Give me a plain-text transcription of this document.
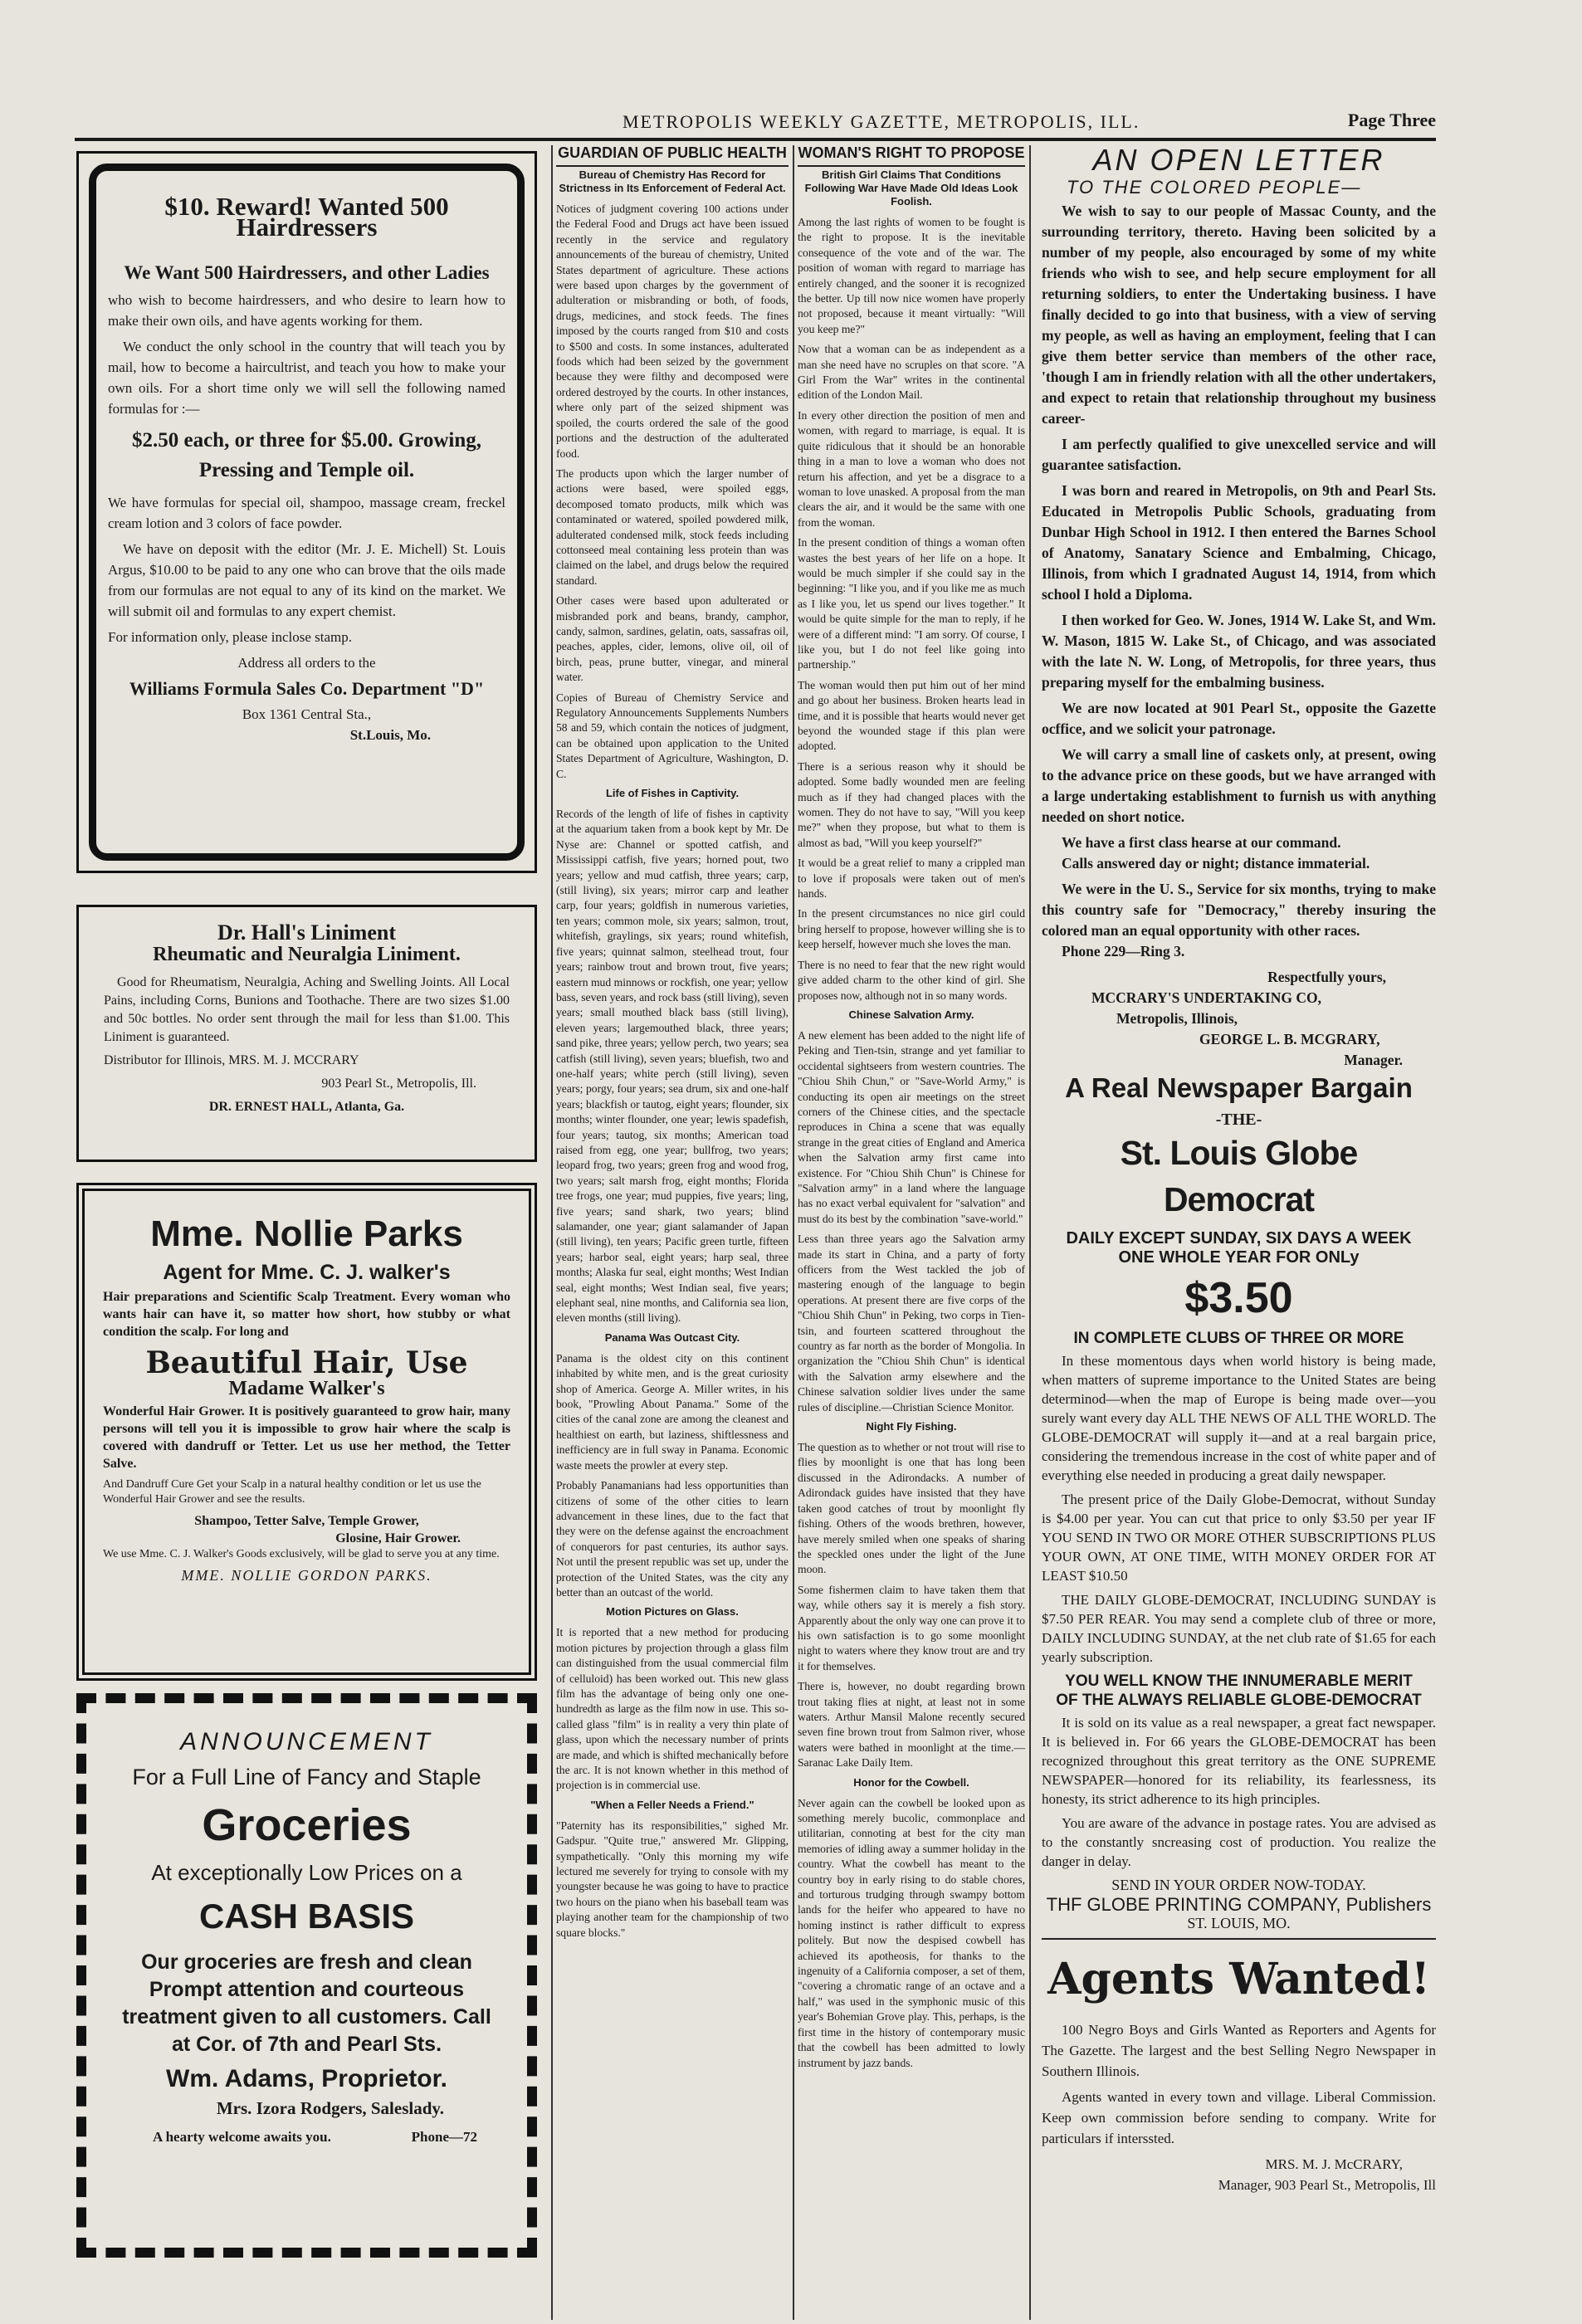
METROPOLIS WEEKLY GAZETTE, METROPOLIS, ILL.	Page Three
$10. Reward! Wanted 500 Hairdressers
We Want 500 Hairdressers, and other Ladies

who wish to become hairdressers, and who desire to learn how to make their own oils, and have agents working for them.

We conduct the only school in the country that will teach you by mail, how to become a haircultrist, and teach you how to make your own oils. For a short time only we will sell the following named formulas for :—

$2.50 each, or three for $5.00. Growing, Pressing and Temple oil.

We have formulas for special oil, shampoo, massage cream, freckel cream lotion and 3 colors of face powder.

We have on deposit with the editor (Mr. J. E. Michell) St. Louis Argus, $10.00 to be paid to any one who can brove that the oils made from our formulas are not equal to any of its kind on the market. We will submit oil and formulas to any expert chemist.

For information only, please inclose stamp.

Address all orders to the

Williams Formula Sales Co. Department "D"
Box 1361 Central Sta.,
St.Louis, Mo.
Dr. Hall's Liniment
Rheumatic and Neuralgia Liniment.

Good for Rheumatism, Neuralgia, Aching and Swelling Joints. All Local Pains, including Corns, Bunions and Toothache. There are two sizes $1.00 and 50c bottles. No order sent through the mail for less than $1.00. This Liniment is guaranteed.

Distributor for Illinois, MRS. M. J. MCCRARY

903 Pearl St., Metropolis, Ill.

DR. ERNEST HALL, Atlanta, Ga.

Mme. Nollie Parks
Agent for Mme. C. J. walker's

Hair preparations and Scientific Scalp Treatment. Every woman who wants hair can have it, so matter how short, how stubby or what condition the scalp. For long and

Beautiful Hair, Use
Madame Walker's

Wonderful Hair Grower. It is positively guaranteed to grow hair, many persons will tell you it is impossible to grow hair where the scalp is covered with dandruff or Tetter. Let us use her method, the Tetter Salve.

And Dandruff Cure Get your Scalp in a natural healthy condition or let us use the Wonderful Hair Grower and see the results.

Shampoo, Tetter Salve, Temple Grower,
Glosine, Hair Grower.

We use Mme. C. J. Walker's Goods exclusively, will be glad to serve you at any time.

MME. NOLLIE GORDON PARKS.
ANNOUNCEMENT
For a Full Line of Fancy and Staple
Groceries
At exceptionally Low Prices on a
CASH BASIS
Our groceries are fresh and clean Prompt attention and courteous treatment given to all customers. Call at Cor. of 7th and Pearl Sts.
Wm. Adams, Proprietor.
Mrs. Izora Rodgers, Saleslady.
A hearty welcome awaits you.	Phone—72
GUARDIAN OF PUBLIC HEALTH
Bureau of Chemistry Has Record for Strictness in Its Enforcement of Federal Act.

Notices of judgment covering 100 actions under the Federal Food and Drugs act have been issued recently in the service and regulatory announcements of the bureau of chemistry, United States department of agriculture. These actions were based upon charges by the government of adulteration or misbranding or both, of foods, drugs, medicines, and stock feeds. The fines imposed by the courts ranged from $10 and costs to $500 and costs. In some instances, adulterated foods which had been seized by the government because they were filthy and decomposed were ordered destroyed by the courts. In other instances, where only part of the seized shipment was spoiled, the courts ordered the sale of the good portions and the destruction of the adulterated food.

The products upon which the larger number of actions were based, were spoiled eggs, decomposed tomato products, milk which was contaminated or watered, spoiled powdered milk, adulterated condensed milk, stock feeds including cottonseed meal containing less protein than was claimed on the label, and drugs below the required standard.

Other cases were based upon adulterated or misbranded pork and beans, brandy, camphor, candy, salmon, sardines, gelatin, oats, sassafras oil, peaches, apples, cider, lemons, olive oil, oil of birch, peas, prune butter, vinegar, and mineral water.

Copies of Bureau of Chemistry Service and Regulatory Announcements Supplements Numbers 58 and 59, which contain the notices of judgment, can be obtained upon application to the United States Department of Agriculture, Washington, D. C.

Life of Fishes in Captivity.

Records of the length of life of fishes in captivity at the aquarium taken from a book kept by Mr. De Nyse are: Channel or spotted catfish, and Mississippi catfish, five years; horned pout, two years; yellow and mud catfish, three years; carp, (still living), six years; mirror carp and leather carp, four years; goldfish in numerous varieties, ten years; common mole, six years; salmon, trout, whitefish, graylings, six years; round whitefish, five years; quinnat salmon, steelhead trout, four years; rainbow trout and brown trout, five years; eastern mud minnows or rockfish, one year; yellow bass, seven years, and rock bass (still living), seven years; small mouthed black bass (still living), eleven years; largemouthed black, three years; sand pike, three years; yellow perch, two years; sea catfish (still living), seven years; bluefish, two and one-half years; white perch (still living), seven years; porgy, four years; sea drum, six and one-half years; blackfish or tautog, eight years; flounder, six months; winter flounder, one year; lewis spadefish, four years; tautog, six months; American toad raised from egg, one year; bullfrog, two years; leopard frog, two years; green frog and wood frog, two years; salt marsh frog, eight months; Florida tree frogs, one year; mud puppies, five years; ling, five years; sand shark, two years; blind salamander, one year; giant salamander of Japan (still living), ten years; Pacific green turtle, fifteen years; harbor seal, eight years; harp seal, three months; Alaska fur seal, eight months; West Indian seal, eight months; West Indian seal, five years; elephant seal, nine months, and California sea lion, eleven months (still living).

Panama Was Outcast City.

Panama is the oldest city on this continent inhabited by white men, and is the great curiosity shop of America. George A. Miller writes, in his book, "Prowling About Panama." Some of the cities of the canal zone are among the cleanest and healthiest on earth, but laziness, shiftlessness and inefficiency are in full sway in Panama. Economic waste meets the prowler at every step.

Probably Panamanians had less opportunities than citizens of some of the other cities to learn advancement in these lines, due to the fact that they were on the defense against the encroachment of conquerors for past centuries, its author says. Not until the present republic was set up, under the protection of the United States, was the city any better than an outcast of the world.

Motion Pictures on Glass.

It is reported that a new method for producing motion pictures by projection through a glass film can distinguished from the usual commercial film of celluloid) has been worked out. This new glass film has the advantage of being only one one-hundredth as large as the film now in use. This so-called glass "film" is in reality a very thin plate of glass, upon which the necessary number of prints are made, and which is shifted mechanically before the arc. It is not known whether in this method of projection is in commercial use.

"When a Feller Needs a Friend."

"Paternity has its responsibilities," sighed Mr. Gadspur. "Quite true," answered Mr. Glipping, sympathetically. "Only this morning my wife lectured me severely for trying to console with my youngster because he was going to have to practice two hours on the piano when his baseball team was playing another team for the championship of two square blocks."

WOMAN'S RIGHT TO PROPOSE
British Girl Claims That Conditions Following War Have Made Old Ideas Look Foolish.

Among the last rights of women to be fought is the right to propose. It is the inevitable consequence of the vote and of the war. The position of woman with regard to marriage has entirely changed, and the sooner it is recognized the better. Up till now nice women have properly not proposed, because it meant virtually: "Will you keep me?"

Now that a woman can be as independent as a man she need have no scruples on that score. "A Girl From the War" writes in the continental edition of the London Mail.

In every other direction the position of men and women, with regard to marriage, is equal. It is quite ridiculous that it should be an honorable thing in a man to love a woman who does not return his affection, and yet be a disgrace to a woman to love unasked. A proposal from the man clears the air, and it would be the same with one from the woman.

In the present condition of things a woman often wastes the best years of her life on a hope. It would be much simpler if she could say in the beginning: "I like you, and if you like me as much as I like you, let us spend our lives together." It would be quite simple for the man to reply, if he were of a different mind: "I am sorry. Of course, I like you, but I do not feel like going into partnership."

The woman would then put him out of her mind and go about her business. Broken hearts lead in time, and it is possible that hearts would never get beyond the wounded stage if this plan were adopted.

There is a serious reason why it should be adopted. Some badly wounded men are feeling much as if they had changed places with the women. They do not have to say, "Will you keep me?" when they propose, but what to them is almost as bad, "Will you keep yourself?"

It would be a great relief to many a crippled man to love if proposals were taken out of men's hands.

In the present circumstances no nice girl could bring herself to propose, however willing she is to keep herself, however much she loves the man.

There is no need to fear that the new right would give added charm to the other kind of girl. She proposes now, although not in so many words.

Chinese Salvation Army.

A new element has been added to the night life of Peking and Tien-tsin, strange and yet familiar to occidental sightseers from western countries. The "Chiou Shih Chun," or "Save-World Army," is conducting its open air meetings on the street corners of the Chinese cities, and the spectacle reproduces in China a scene that was equally strange in the great cities of England and America when the Salvation army first came into existence. For "Chiou Shih Chun" is Chinese for "Salvation army" in a land where the language has no exact verbal equivalent for "salvation" and must do its best by the combination "save-world."

Less than three years ago the Salvation army made its start in China, and a party of forty officers from the West tackled the job of mastering enough of the language to begin operations. At present there are five corps of the "Chiou Shih Chun" in Peking, two corps in Tien-tsin, and fourteen scattered throughout the country as far north as the border of Mongolia. In organization the "Chiou Shih Chun" is identical with the Salvation army elsewhere and the Chinese salvation soldier lives under the same rules of discipline.—Christian Science Monitor.

Night Fly Fishing.

The question as to whether or not trout will rise to flies by moonlight is one that has long been discussed in the Adirondacks. A number of Adirondack guides have insisted that they have taken good catches of trout by moonlight fly fishing. Others of the woods brethren, however, have merely smiled when one speaks of sharing the speckled ones under the light of the June moon.

Some fishermen claim to have taken them that way, while others say it is merely a fish story. Apparently about the only way one can prove it to his own satisfaction is to go some moonlight night to waters where they know trout are and try it for themselves.

There is, however, no doubt regarding brown trout taking flies at night, at least not in some waters. Arthur Mansil Malone recently secured seven fine brown trout from Salmon river, whose waters were bathed in moonlight at the time.—Saranac Lake Daily Item.

Honor for the Cowbell.

Never again can the cowbell be looked upon as something merely bucolic, commonplace and utilitarian, connoting at best for the city man memories of idling away a summer holiday in the country. What the cowbell has meant to the country boy in early rising to do stable chores, and torturous trudging through swampy bottom lands for the heifer who appeared to have no homing instinct is rather difficult to express politely. But now the despised cowbell has achieved its apotheosis, for thanks to the ingenuity of a California composer, a set of them, "covering a chromatic range of an octave and a half," was used in the symphonic music of this year's Bohemian Grove play. This, perhaps, is the first time in the history of contemporary music that the cowbell has been admitted to lowly instrument by jazz bands.

AN OPEN LETTER
TO THE COLORED PEOPLE—

We wish to say to our people of Massac County, and the surrounding territory, thereto. Having been solicited by a number of my people, also encouraged by some of my white friends who wish to see, and help secure employment for all returning soldiers, to enter the Undertaking business. I have finally decided to go into that business, with a view of serving my people, as well as having an employment, feeling that I can give them better service than members of the other race, 'though I am in friendly relation with all the other undertakers, and expect to retain that relationship throughout my business career-

I am perfectly qualified to give unexcelled service and will guarantee satisfaction.

I was born and reared in Metropolis, on 9th and Pearl Sts. Educated in Metropolis Public Schools, graduating from Dunbar High School in 1912. I then entered the Barnes School of Anatomy, Sanatary Science and Embalming, Chicago, Illinois, from which I gradnated August 14, 1914, from which school I hold a Diploma.

I then worked for Geo. W. Jones, 1914 W. Lake St, and Wm. W. Mason, 1815 W. Lake St., of Chicago, and was associated with the late N. W. Long, of Metropolis, for three years, thus preparing myself for the embalming business.

We are now located at 901 Pearl St., opposite the Gazette ocffice, and we solicit your patronage.

We will carry a small line of caskets only, at present, owing to the advance price on these goods, but we have arranged with a large undertaking establishment to furnish us with anything needed on short notice.

We have a first class hearse at our command.

Calls answered day or night; distance immaterial.

We were in the U. S., Service for six months, trying to make this country safe for "Democracy," thereby insuring the colored man an equal opportunity with other races.

Phone 229—Ring 3.

Respectfully yours,
MCCRARY'S UNDERTAKING CO,
Metropolis, Illinois,
GEORGE L. B. MCGRARY,
Manager.
A Real Newspaper Bargain
-THE-
St. Louis Globe Democrat
DAILY EXCEPT SUNDAY, SIX DAYS A WEEK
ONE WHOLE YEAR FOR ONLy
$3.50
IN COMPLETE CLUBS OF THREE OR MORE

In these momentous days when world history is being made, when matters of supreme importance to the United States are being determinod—when the map of Europe is being made over—you surely want every day ALL THE NEWS OF ALL THE WORLD. The GLOBE-DEMOCRAT will supply it—and at a real bargain price, considering the tremendous increase in the cost of white paper and of everything else needed in producing a great daily newspaper.

The present price of the Daily Globe-Democrat, without Sunday is $4.00 per year. You can cut that price to only $3.50 per year IF YOU SEND IN TWO OR MORE OTHER SUBSCRIPTIONS PLUS YOUR OWN, AT ONE TIME, WITH MONEY ORDER FOR AT LEAST $10.50

THE DAILY GLOBE-DEMOCRAT, INCLUDING SUNDAY is $7.50 PER REAR. You may send a complete club of three or more, DAILY INCLUDING SUNDAY, at the net club rate of $1.65 for each yearly subscription.

YOU WELL KNOW THE INNUMERABLE MERIT
OF THE ALWAYS RELIABLE GLOBE-DEMOCRAT

It is sold on its value as a real newspaper, a great fact newspaper. It is believed in. For 66 years the GLOBE-DEMOCRAT has been recognized throughout this great territory as the ONE SUPREME NEWSPAPER—honored for its reliability, its fearlessness, its honesty, its strict adherence to its high principles.

You are aware of the advance in postage rates. You are advised as to the constantly sncreasing cost of production. You realize the danger in delay.

SEND IN YOUR ORDER NOW-TODAY.
THF GLOBE PRINTING COMPANY, Publishers
ST. LOUIS, MO.
Agents Wanted!

100 Negro Boys and Girls Wanted as Reporters and Agents for The Gazette. The largest and the best Selling Negro Newspaper in Southern Illinois.

Agents wanted in every town and village. Liberal Commission. Keep own commission before sending to company. Write for particulars if interssted.

MRS. M. J. McCRARY,
Manager, 903 Pearl St., Metropolis, Ill
